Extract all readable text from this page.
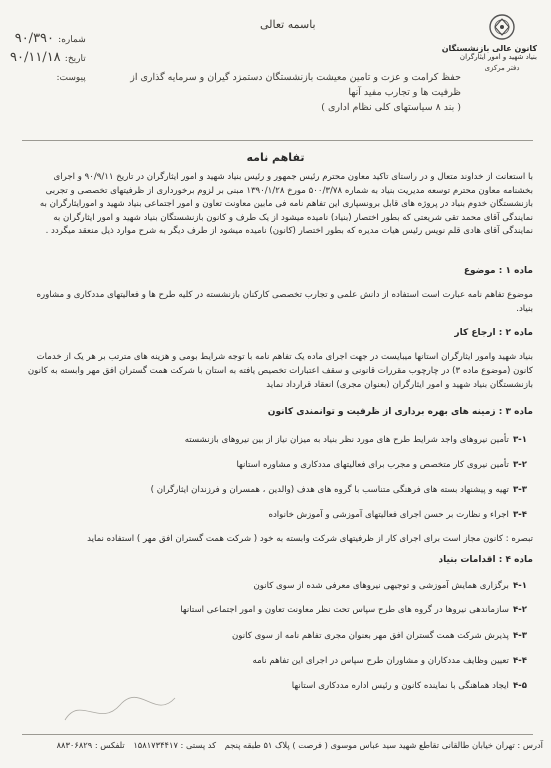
باسمه تعالی
کانون عالی بازنشستگان
بنیاد شهید و امور ایثارگران
دفتر مرکزی
شماره: ۹۰/۳۹۰
تاریخ: ۹۰/۱۱/۱۸
پیوست:	حفظ کرامت و عزت و تامین معیشت بازنشستگان دستمزد گیران و سرمایه گذاری از ظرفیت ها و تجارب مفید آنها
( بند ۸ سیاستهای کلی نظام اداری )
تفاهم نامه
با استعانت از خداوند متعال و در راستای تاکید معاون محترم رئیس جمهور و رئیس بنیاد شهید و امور ایثارگران در تاریخ ۹۰/۹/۱۱ و اجرای بخشنامه معاون محترم توسعه مدیریت بنیاد به شماره ۵۰۰/۳/۷۸ مورخ ۱۳۹۰/۱/۲۸ مبنی بر لزوم برخورداری از ظرفیتهای تخصصی و تجربی بازنشستگان خدوم بنیاد در پروژه های قابل برونسپاری این تفاهم نامه فی مابین معاونت تعاون و امور اجتماعی بنیاد شهید و امورایثارگران به نمایندگی آقای محمد تقی شریعتی که بطور اختصار (بنیاد) نامیده میشود از یک طرف و کانون بازنشستگان بنیاد شهید و امور ایثارگران به نمایندگی آقای هادی قلم نویس رئیس هیات مدیره که بطور اختصار (کانون) نامیده میشود از طرف دیگر به شرح موارد ذیل منعقد میگردد .
ماده ۱ : موضوع
موضوع تفاهم نامه عبارت است استفاده از دانش علمی و تجارب تخصصی کارکنان بازنشسته در کلیه طرح ها و فعالیتهای مددکاری و مشاوره بنیاد.
ماده ۲ : ارجاع کار
بنیاد شهید وامور ایثارگران استانها میبایست در جهت اجرای ماده یک تفاهم نامه با توجه شرایط بومی و هزینه های مترتب بر هر یک از خدمات کانون (موضوع ماده ۳) در چارچوب مقررات قانونی و سقف اعتبارات تخصیص یافته به استان با شرکت همت گستران افق مهر وابسته به کانون بازنشستگان بنیاد شهید و امور ایثارگران (بعنوان مجری) انعقاد قرارداد نماید
ماده ۳ : زمینه های بهره برداری از ظرفیت و توانمندی کانون
۳-۱تأمین نیروهای واجد شرایط طرح های مورد نظر بنیاد به میزان نیاز از بین نیروهای بازنشسته
۳-۲تأمین نیروی کار متخصص و مجرب برای فعالیتهای مددکاری و مشاوره استانها
۳-۳تهیه و پیشنهاد بسته های فرهنگی متناسب با گروه های هدف (والدین ، همسران و فرزندان ایثارگران )
۳-۴اجراء و نظارت بر حسن اجرای فعالیتهای آموزشی و آموزش خانواده
تبصره : کانون مجاز است برای اجرای کار از ظرفیتهای شرکت وابسته به خود ( شرکت همت گستران افق مهر ) استفاده نماید
ماده ۴ : اقدامات بنیاد
۴-۱برگزاری همایش آموزشی و توجیهی نیروهای معرفی شده از سوی کانون
۴-۲سازماندهی نیروها در گروه های طرح سپاس تحت نظر معاونت تعاون و امور اجتماعی استانها
۴-۳پذیرش شرکت همت گستران افق مهر بعنوان مجری تفاهم نامه از سوی کانون
۴-۴تعیین وظایف مددکاران و مشاوران طرح سپاس در اجرای این تفاهم نامه
۴-۵ایجاد هماهنگی با نماینده کانون و رئیس اداره مددکاری استانها
آدرس : تهران خیابان طالقانی تقاطع شهید سید عباس موسوی ( فرصت ) پلاک ۵۱ طبقه پنجم کد پستی : ۱۵۸۱۷۳۴۴۱۷ تلفکس : ۸۸۳۰۶۸۲۹
